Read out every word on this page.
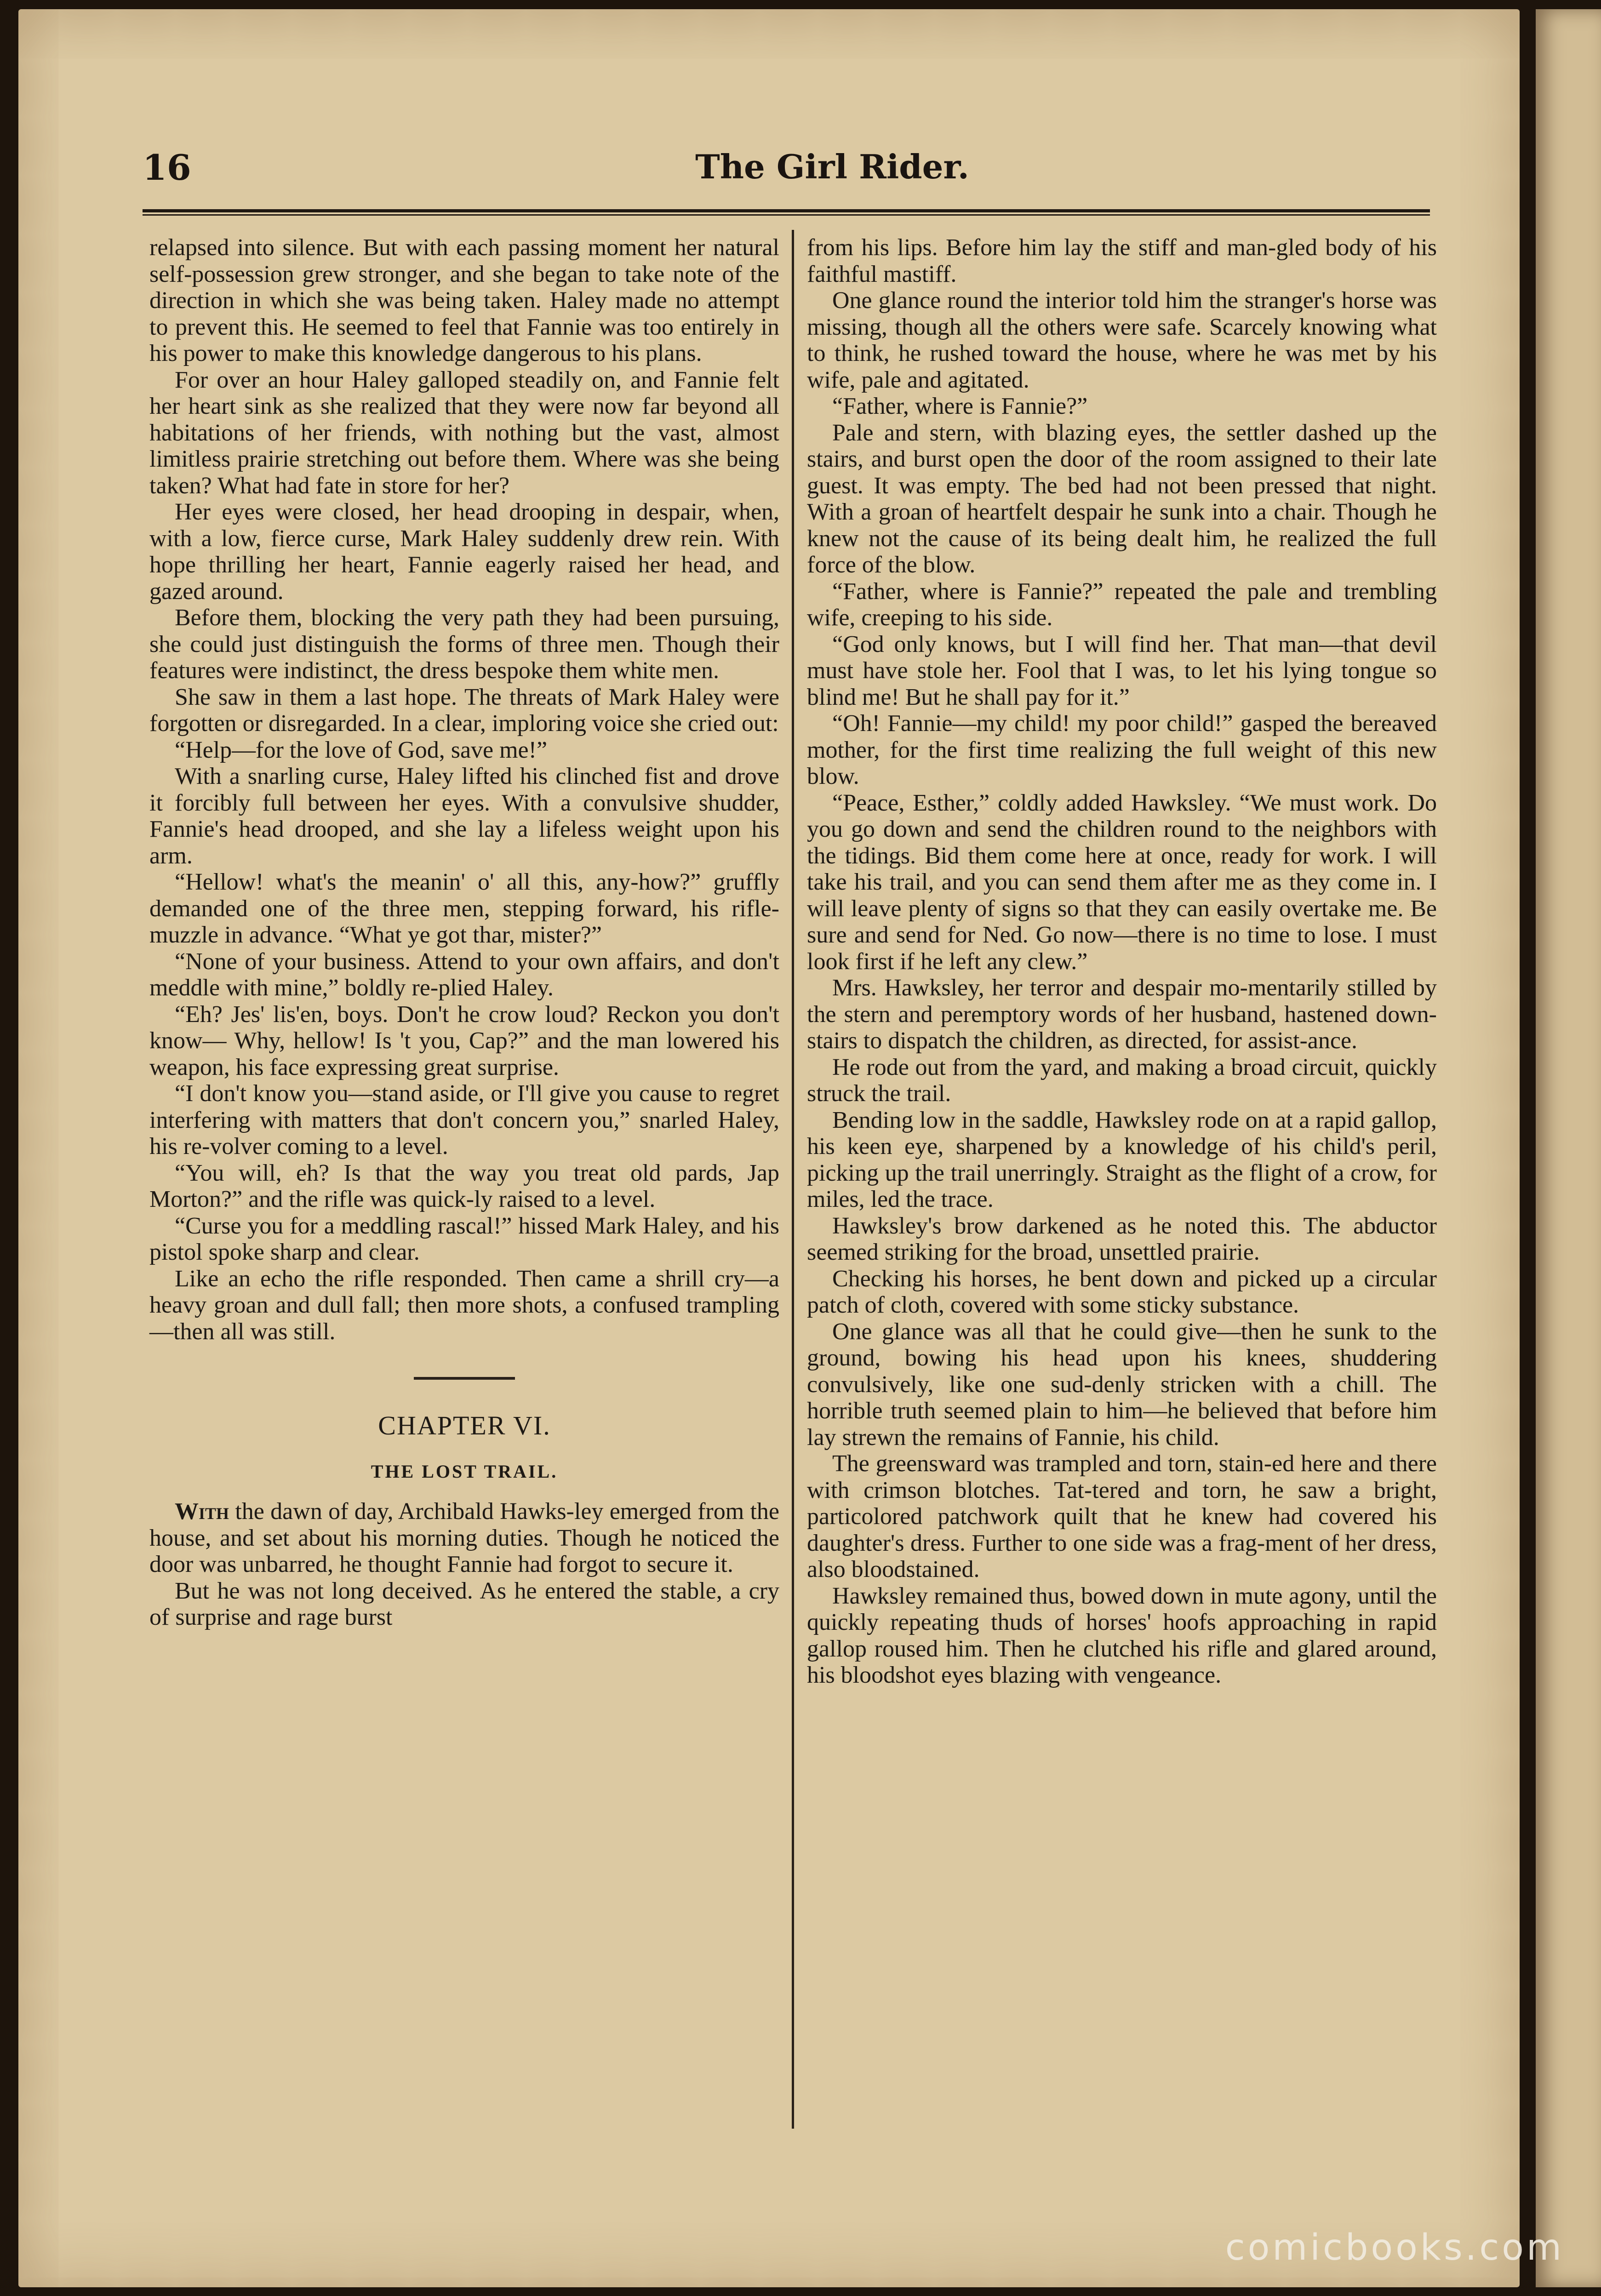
16	The Girl Rider.

relapsed into silence. But with each passing moment her natural self-possession grew stronger, and she began to take note of the direction in which she was being taken. Haley made no attempt to prevent this. He seemed to feel that Fannie was too entirely in his power to make this knowledge dangerous to his plans.

For over an hour Haley galloped steadily on, and Fannie felt her heart sink as she realized that they were now far beyond all habitations of her friends, with nothing but the vast, almost limitless prairie stretching out before them. Where was she being taken? What had fate in store for her?

Her eyes were closed, her head drooping in despair, when, with a low, fierce curse, Mark Haley suddenly drew rein. With hope thrilling her heart, Fannie eagerly raised her head, and gazed around.

Before them, blocking the very path they had been pursuing, she could just distinguish the forms of three men. Though their features were indistinct, the dress bespoke them white men.

She saw in them a last hope. The threats of Mark Haley were forgotten or disregarded. In a clear, imploring voice she cried out:

“Help—for the love of God, save me!”

With a snarling curse, Haley lifted his clinched fist and drove it forcibly full between her eyes. With a convulsive shudder, Fannie's head drooped, and she lay a lifeless weight upon his arm.

“Hellow! what's the meanin' o' all this, any-how?” gruffly demanded one of the three men, stepping forward, his rifle-muzzle in advance. “What ye got thar, mister?”

“None of your business. Attend to your own affairs, and don't meddle with mine,” boldly re-plied Haley.

“Eh? Jes' lis'en, boys. Don't he crow loud? Reckon you don't know— Why, hellow! Is 't you, Cap?” and the man lowered his weapon, his face expressing great surprise.

“I don't know you—stand aside, or I'll give you cause to regret interfering with matters that don't concern you,” snarled Haley, his re-volver coming to a level.

“You will, eh? Is that the way you treat old pards, Jap Morton?” and the rifle was quick-ly raised to a level.

“Curse you for a meddling rascal!” hissed Mark Haley, and his pistol spoke sharp and clear.

Like an echo the rifle responded. Then came a shrill cry—a heavy groan and dull fall; then more shots, a confused trampling—then all was still.

CHAPTER VI.

THE LOST TRAIL.

With the dawn of day, Archibald Hawks-ley emerged from the house, and set about his morning duties. Though he noticed the door was unbarred, he thought Fannie had forgot to secure it.

But he was not long deceived. As he entered the stable, a cry of surprise and rage burst

from his lips. Before him lay the stiff and man-gled body of his faithful mastiff.

One glance round the interior told him the stranger's horse was missing, though all the others were safe. Scarcely knowing what to think, he rushed toward the house, where he was met by his wife, pale and agitated.

“Father, where is Fannie?”

Pale and stern, with blazing eyes, the settler dashed up the stairs, and burst open the door of the room assigned to their late guest. It was empty. The bed had not been pressed that night. With a groan of heartfelt despair he sunk into a chair. Though he knew not the cause of its being dealt him, he realized the full force of the blow.

“Father, where is Fannie?” repeated the pale and trembling wife, creeping to his side.

“God only knows, but I will find her. That man—that devil must have stole her. Fool that I was, to let his lying tongue so blind me! But he shall pay for it.”

“Oh! Fannie—my child! my poor child!” gasped the bereaved mother, for the first time realizing the full weight of this new blow.

“Peace, Esther,” coldly added Hawksley. “We must work. Do you go down and send the children round to the neighbors with the tidings. Bid them come here at once, ready for work. I will take his trail, and you can send them after me as they come in. I will leave plenty of signs so that they can easily overtake me. Be sure and send for Ned. Go now—there is no time to lose. I must look first if he left any clew.”

Mrs. Hawksley, her terror and despair mo-mentarily stilled by the stern and peremptory words of her husband, hastened down-stairs to dispatch the children, as directed, for assist-ance.

He rode out from the yard, and making a broad circuit, quickly struck the trail.

Bending low in the saddle, Hawksley rode on at a rapid gallop, his keen eye, sharpened by a knowledge of his child's peril, picking up the trail unerringly. Straight as the flight of a crow, for miles, led the trace.

Hawksley's brow darkened as he noted this. The abductor seemed striking for the broad, unsettled prairie.

Checking his horses, he bent down and picked up a circular patch of cloth, covered with some sticky substance.

One glance was all that he could give—then he sunk to the ground, bowing his head upon his knees, shuddering convulsively, like one sud-denly stricken with a chill. The horrible truth seemed plain to him—he believed that before him lay strewn the remains of Fannie, his child.

The greensward was trampled and torn, stain-ed here and there with crimson blotches. Tat-tered and torn, he saw a bright, particolored patchwork quilt that he knew had covered his daughter's dress. Further to one side was a frag-ment of her dress, also bloodstained.

Hawksley remained thus, bowed down in mute agony, until the quickly repeating thuds of horses' hoofs approaching in rapid gallop roused him. Then he clutched his rifle and glared around, his bloodshot eyes blazing with vengeance.

comicbooks.com
